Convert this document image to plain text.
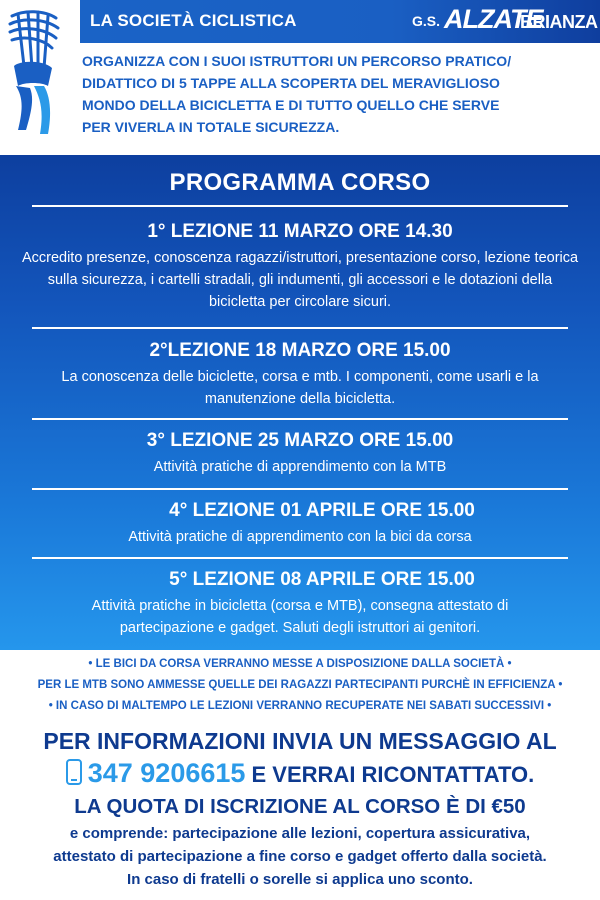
LA SOCIETÀ CICLISTICA	G.S. ALZATE
BRIANZA
ORGANIZZA CON I SUOI ISTRUTTORI UN PERCORSO PRATICO/
DIDATTICO DI 5 TAPPE ALLA SCOPERTA DEL MERAVIGLIOSO
MONDO DELLA BICICLETTA E DI TUTTO QUELLO CHE SERVE
PER VIVERLA IN TOTALE SICUREZZA.
PROGRAMMA CORSO

1° LEZIONE 11 MARZO ORE 14.30

Accredito presenze, conoscenza ragazzi/istruttori, presentazione corso, lezione teorica sulla sicurezza, i cartelli stradali, gli indumenti, gli accessori e le dotazioni della bicicletta per circolare sicuri.

2°LEZIONE 18 MARZO ORE 15.00

La conoscenza delle biciclette, corsa e mtb. I componenti, come usarli e la manutenzione della bicicletta.

3° LEZIONE 25 MARZO ORE 15.00

Attività pratiche di apprendimento con la MTB

4° LEZIONE 01 APRILE ORE 15.00

Attività pratiche di apprendimento con la bici da corsa

5° LEZIONE 08 APRILE ORE 15.00

Attività pratiche in bicicletta (corsa e MTB), consegna attestato di partecipazione e gadget. Saluti degli istruttori ai genitori.

• LE BICI DA CORSA VERRANNO MESSE A DISPOSIZIONE DALLA SOCIETÀ •
PER LE MTB SONO AMMESSE QUELLE DEI RAGAZZI PARTECIPANTI PURCHÈ IN EFFICIENZA •
• IN CASO DI MALTEMPO LE LEZIONI VERRANNO RECUPERATE NEI SABATI SUCCESSIVI •
PER INFORMAZIONI INVIA UN MESSAGGIO AL
347 9206615 E VERRAI RICONTATTATO.
LA QUOTA DI ISCRIZIONE AL CORSO È DI €50
e comprende: partecipazione alle lezioni, copertura assicurativa,
attestato di partecipazione a fine corso e gadget offerto dalla società.
In caso di fratelli o sorelle si applica uno sconto.
